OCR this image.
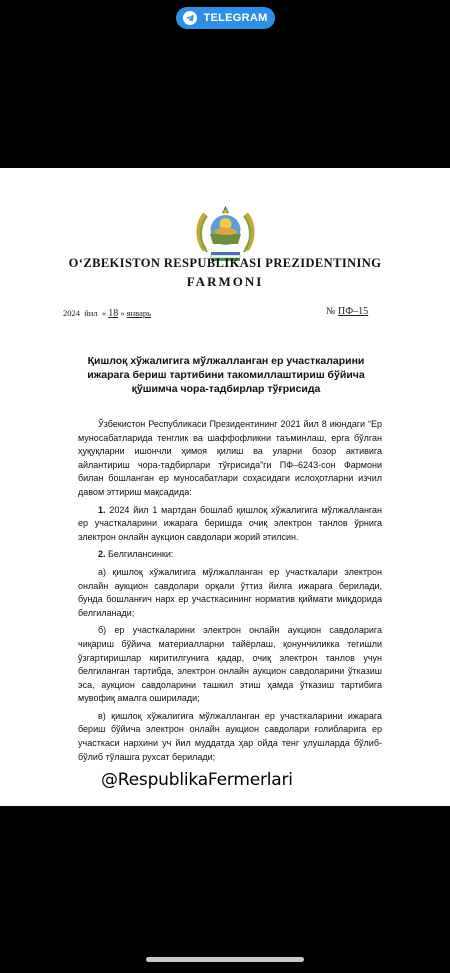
TELEGRAM
O‘ZBEKISTON RESPUBLIKASI PREZIDENTINING
FARMONI
2024 йил « 18 » январь	№ ПФ–15
Қишлоқ хўжалигига мўлжалланган ер участкаларини ижарага бериш тартибини такомиллаштириш бўйича қўшимча чора-тадбирлар тўғрисида

Ўзбекистон Республикаси Президентининг 2021 йил 8 июндаги “Ер муносабатларида тенглик ва шаффофликни таъминлаш, ерга бўлган ҳуқуқларни ишончли ҳимоя қилиш ва уларни бозор активига айлантириш чора-тадбирлари тўғрисида”ги ПФ–6243-сон Фармони билан бошланган ер муносабатлари соҳасидаги ислоҳотларни изчил давом эттириш мақсадида:

1. 2024 йил 1 мартдан бошлаб қишлоқ хўжалигига мўлжалланган ер участкаларини ижарага беришда очиқ электрон танлов ўрнига электрон онлайн аукцион савдолари жорий этилсин.

2. Белгилансинки:

а) қишлоқ хўжалигига мўлжалланган ер участкалари электрон онлайн аукцион савдолари орқали ўттиз йилга ижарага берилади, бунда бошланғич нарх ер участкасининг норматив қиймати миқдорида белгиланади;

б) ер участкаларини электрон онлайн аукцион савдоларига чиқариш бўйича материалларни тайёрлаш, қонунчиликка тегишли ўзгартиришлар киритилгунига қадар, очиқ электрон танлов учун белгиланган тартибда, электрон онлайн аукцион савдоларини ўтказиш эса, аукцион савдоларини ташкил этиш ҳамда ўтказиш тартибига мувофиқ амалга оширилади;

в) қишлоқ хўжалигига мўлжалланган ер участкаларини ижарага бериш бўйича электрон онлайн аукцион савдолари ғолибларига ер участкаси нархини уч йил муддатда ҳар ойда тенг улушларда бўлиб-бўлиб тўлашга рухсат берилади;

@RespublikaFermerlari
